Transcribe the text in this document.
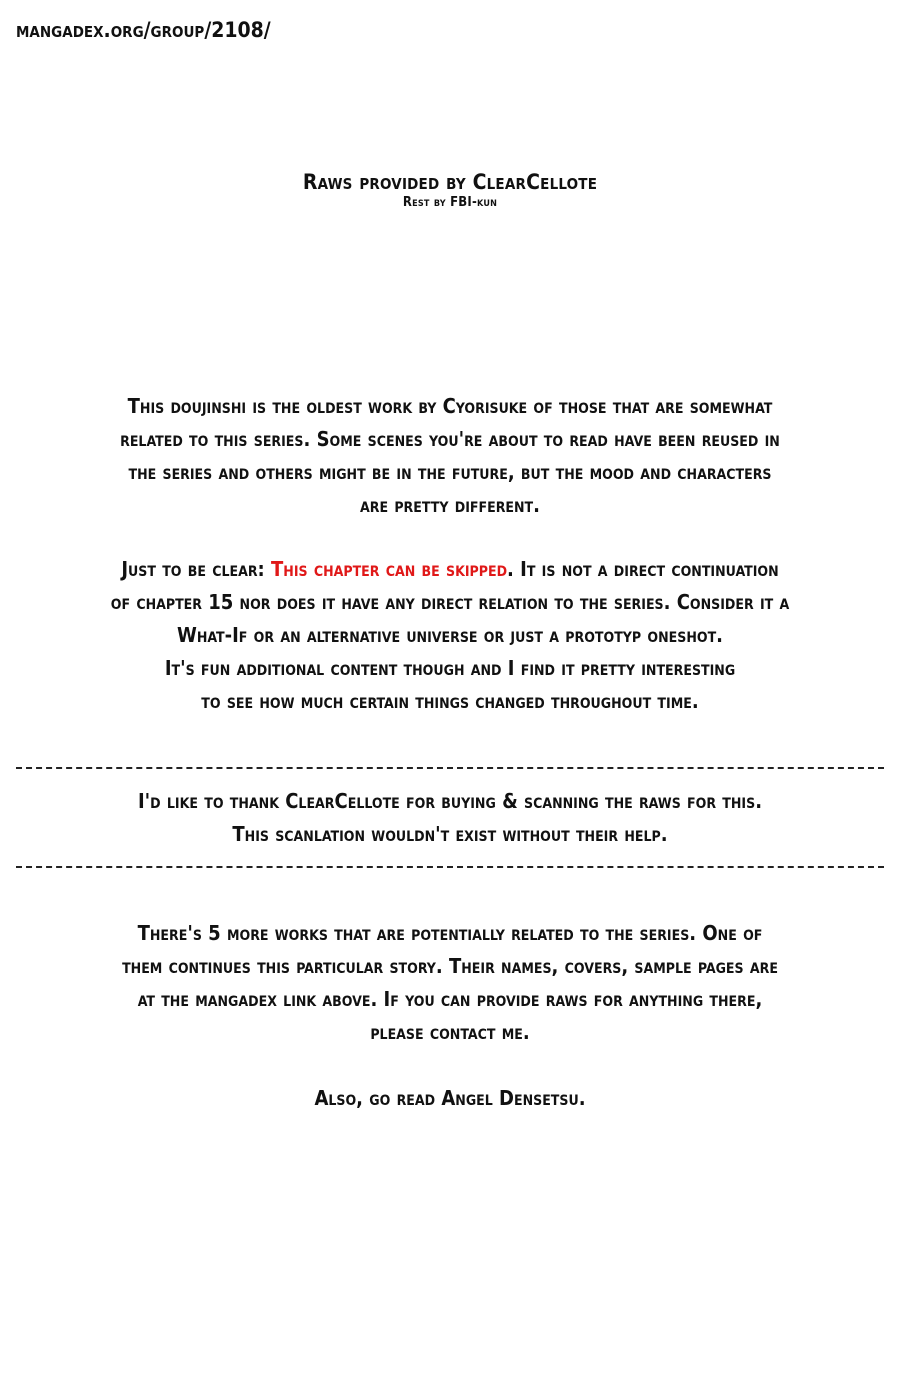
mangadex.org/group/2108/
Raws provided by ClearCellote
Rest by FBI-kun

This doujinshi is the oldest work by Cyorisuke of those that are somewhat

related to this series. Some scenes you're about to read have been reused in

the series and others might be in the future, but the mood and characters

are pretty different.

Just to be clear: This chapter can be skipped. It is not a direct continuation

of chapter 15 nor does it have any direct relation to the series. Consider it a

What-If or an alternative universe or just a prototyp oneshot.

It's fun additional content though and I find it pretty interesting

to see how much certain things changed throughout time.

I'd like to thank ClearCellote for buying & scanning the raws for this.

This scanlation wouldn't exist without their help.

There's 5 more works that are potentially related to the series. One of

them continues this particular story. Their names, covers, sample pages are

at the mangadex link above. If you can provide raws for anything there,

please contact me.

Also, go read Angel Densetsu.
